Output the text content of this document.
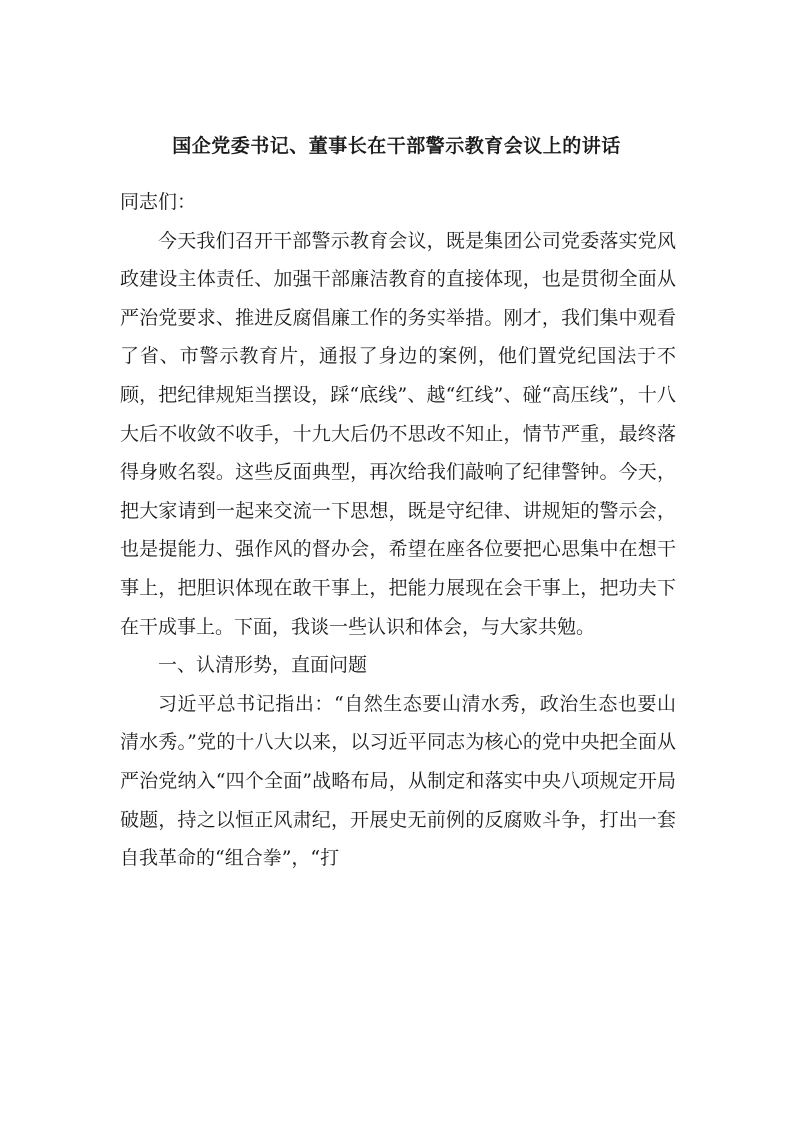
国企党委书记、董事长在干部警示教育会议上的讲话

同志们：

今天我们召开干部警示教育会议，既是集团公司党委落实党风政建设主体责任、加强干部廉洁教育的直接体现，也是贯彻全面从严治党要求、推进反腐倡廉工作的务实举措。刚才，我们集中观看了省、市警示教育片，通报了身边的案例，他们置党纪国法于不顾，把纪律规矩当摆设，踩“底线”、越“红线”、碰“高压线”，十八大后不收敛不收手，十九大后仍不思改不知止，情节严重，最终落得身败名裂。这些反面典型，再次给我们敲响了纪律警钟。今天，把大家请到一起来交流一下思想，既是守纪律、讲规矩的警示会，也是提能力、强作风的督办会，希望在座各位要把心思集中在想干事上，把胆识体现在敢干事上，把能力展现在会干事上，把功夫下在干成事上。下面，我谈一些认识和体会，与大家共勉。

一、认清形势，直面问题

习近平总书记指出：“自然生态要山清水秀，政治生态也要山清水秀。”党的十八大以来，以习近平同志为核心的党中央把全面从严治党纳入“四个全面”战略布局，从制定和落实中央八项规定开局破题，持之以恒正风肃纪，开展史无前例的反腐败斗争，打出一套自我革命的“组合拳”，“打
